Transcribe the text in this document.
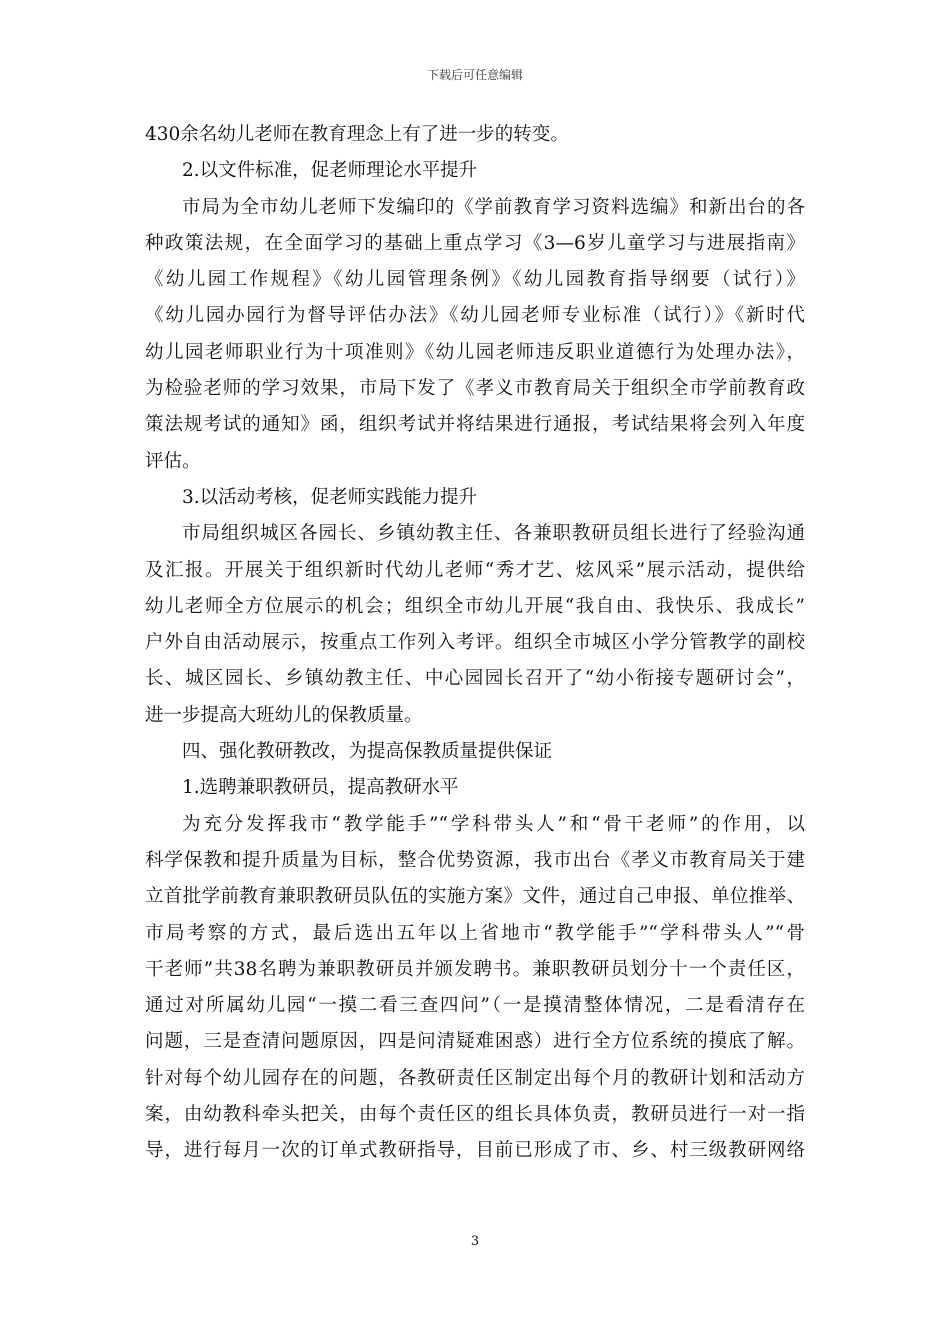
下载后可任意编辑
430余名幼儿老师在教育理念上有了进一步的转变。
2.以文件标准，促老师理论水平提升
市局为全市幼儿老师下发编印的《学前教育学习资料选编》和新出台的各
种政策法规，在全面学习的基础上重点学习《3—6岁儿童学习与进展指南》
《幼儿园工作规程》《幼儿园管理条例》《幼儿园教育指导纲要（试行）》
《幼儿园办园行为督导评估办法》《幼儿园老师专业标准（试行）》《新时代
幼儿园老师职业行为十项准则》《幼儿园老师违反职业道德行为处理办法》，
为检验老师的学习效果，市局下发了《孝义市教育局关于组织全市学前教育政
策法规考试的通知》函，组织考试并将结果进行通报，考试结果将会列入年度
评估。
3.以活动考核，促老师实践能力提升
市局组织城区各园长、乡镇幼教主任、各兼职教研员组长进行了经验沟通
及汇报。开展关于组织新时代幼儿老师“秀才艺、炫风采”展示活动，提供给
幼儿老师全方位展示的机会；组织全市幼儿开展“我自由、我快乐、我成长”
户外自由活动展示，按重点工作列入考评。组织全市城区小学分管教学的副校
长、城区园长、乡镇幼教主任、中心园园长召开了“幼小衔接专题研讨会”，
进一步提高大班幼儿的保教质量。
四、强化教研教改，为提高保教质量提供保证
1.选聘兼职教研员，提高教研水平
为充分发挥我市“教学能手”“学科带头人”和“骨干老师”的作用，以
科学保教和提升质量为目标，整合优势资源，我市出台《孝义市教育局关于建
立首批学前教育兼职教研员队伍的实施方案》文件，通过自己申报、单位推举、
市局考察的方式，最后选出五年以上省地市“教学能手”“学科带头人”“骨
干老师”共38名聘为兼职教研员并颁发聘书。兼职教研员划分十一个责任区，
通过对所属幼儿园“一摸二看三查四问”（一是摸清整体情况，二是看清存在
问题，三是查清问题原因，四是问清疑难困惑）进行全方位系统的摸底了解。
针对每个幼儿园存在的问题，各教研责任区制定出每个月的教研计划和活动方
案，由幼教科牵头把关，由每个责任区的组长具体负责，教研员进行一对一指
导，进行每月一次的订单式教研指导，目前已形成了市、乡、村三级教研网络
3
